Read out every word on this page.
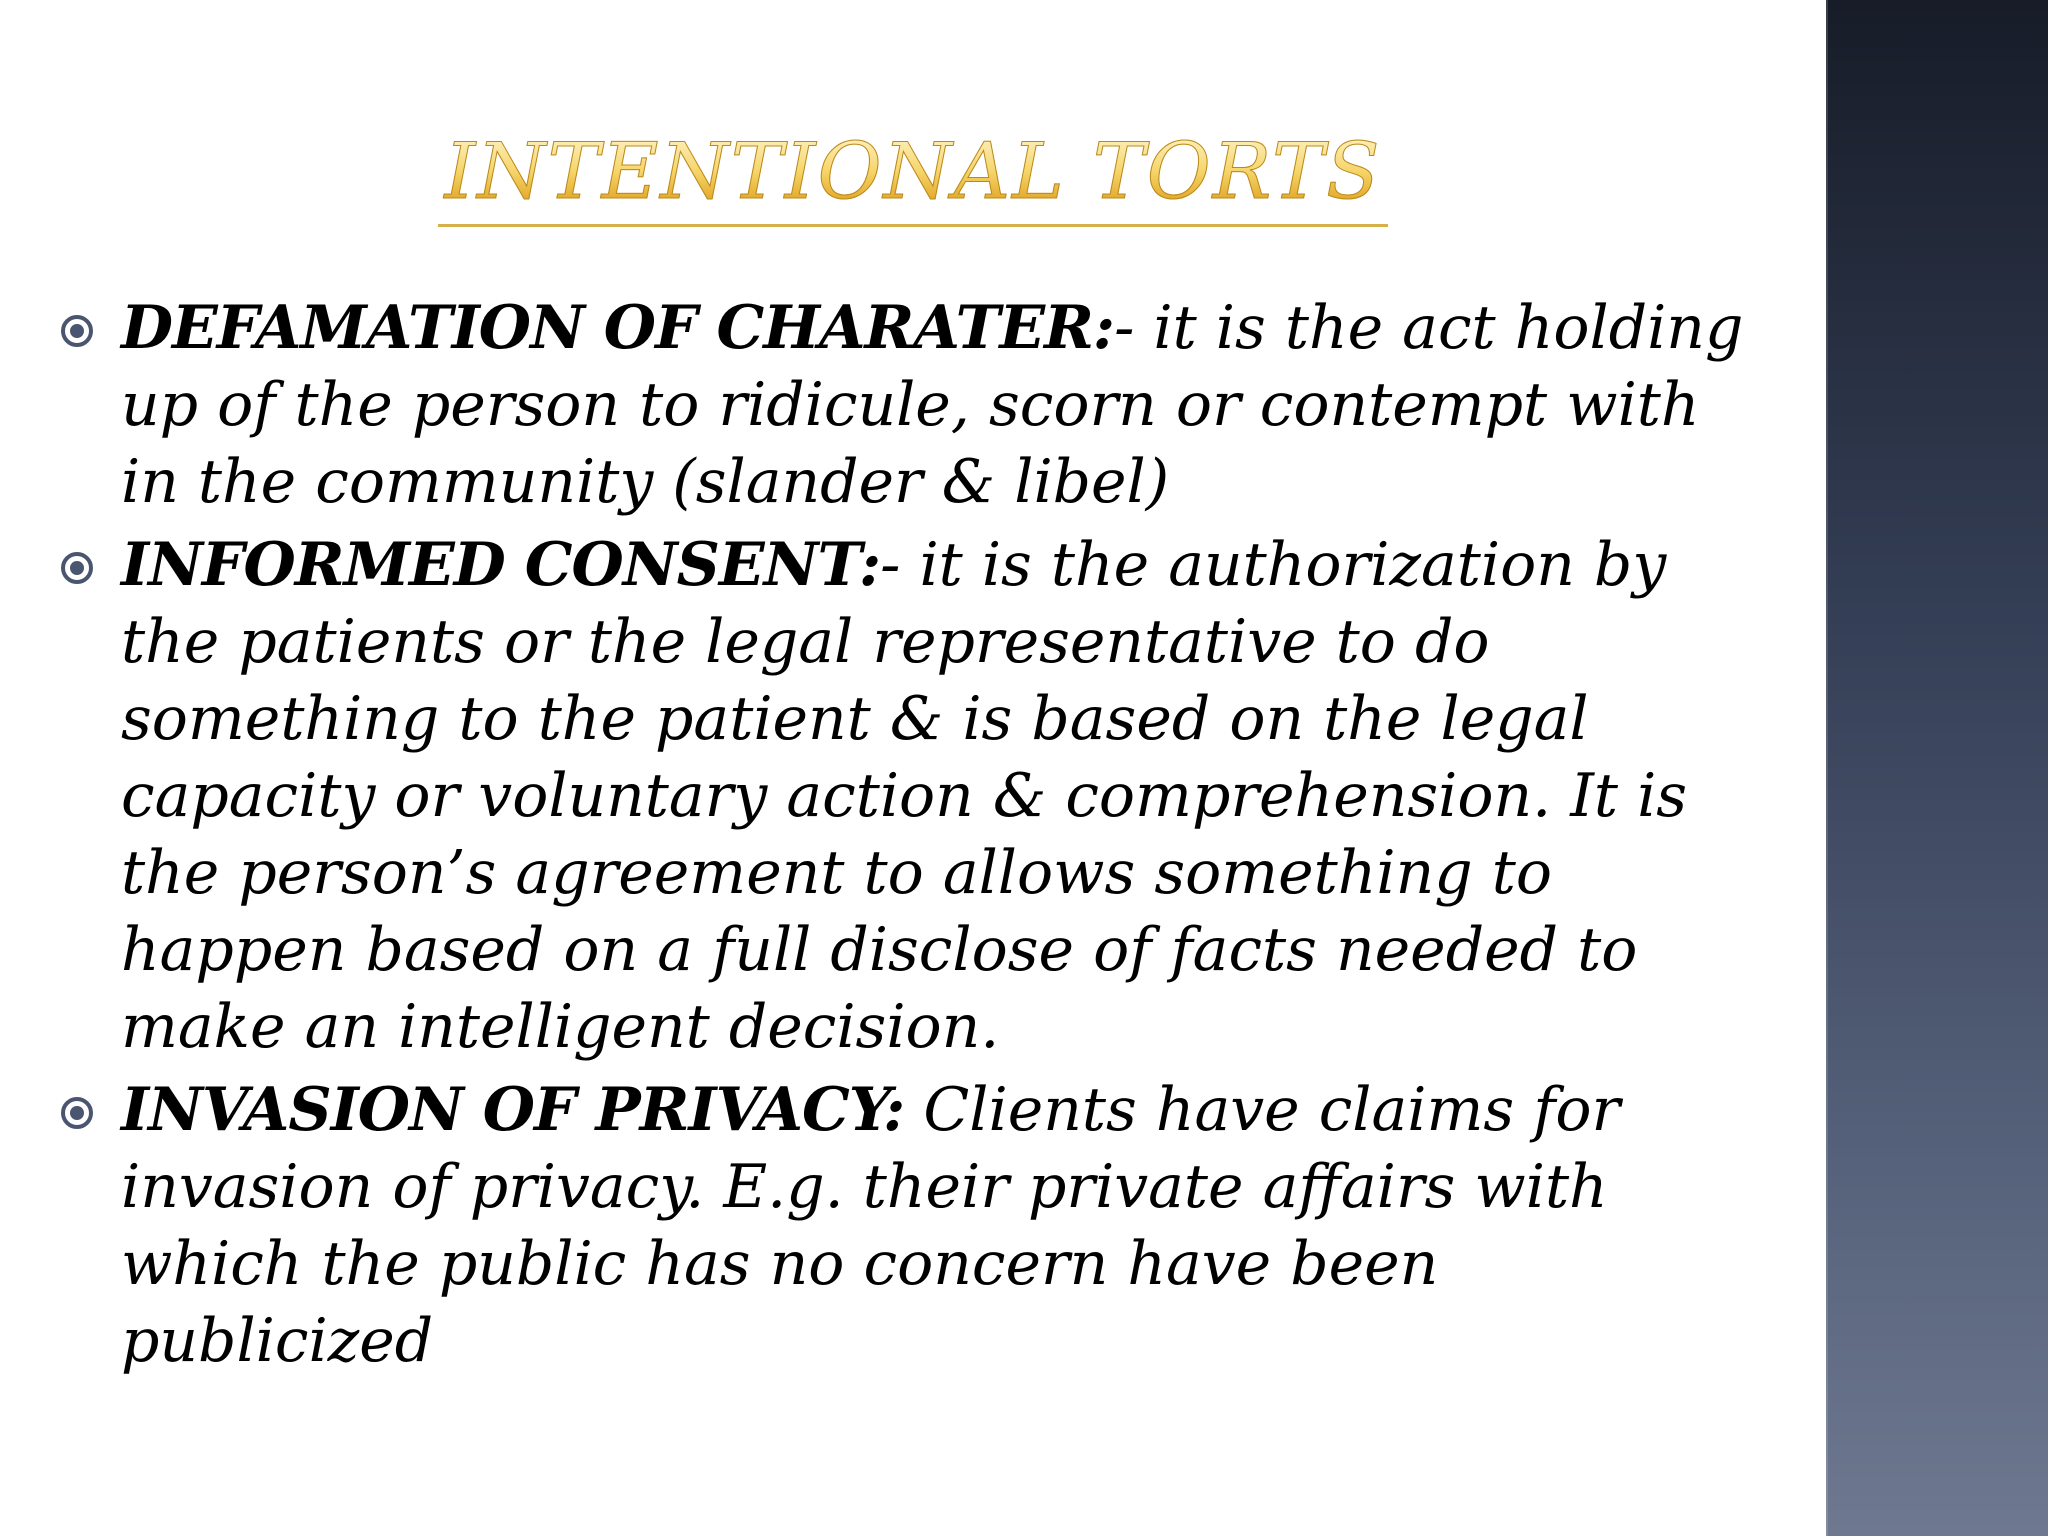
INTENTIONAL TORTS
DEFAMATION OF CHARATER:- it is the act holding up of the person to ridicule, scorn or contempt with in the community (slander & libel)
INFORMED CONSENT:- it is the authorization by the patients or the legal representative to do something to the patient & is based on the legal capacity or voluntary action & comprehension. It is the person’s agreement to allows something to happen based on a full disclose of facts needed to make an intelligent decision.
INVASION OF PRIVACY: Clients have claims for invasion of privacy. E.g. their private affairs with which the public has no concern have been publicized
